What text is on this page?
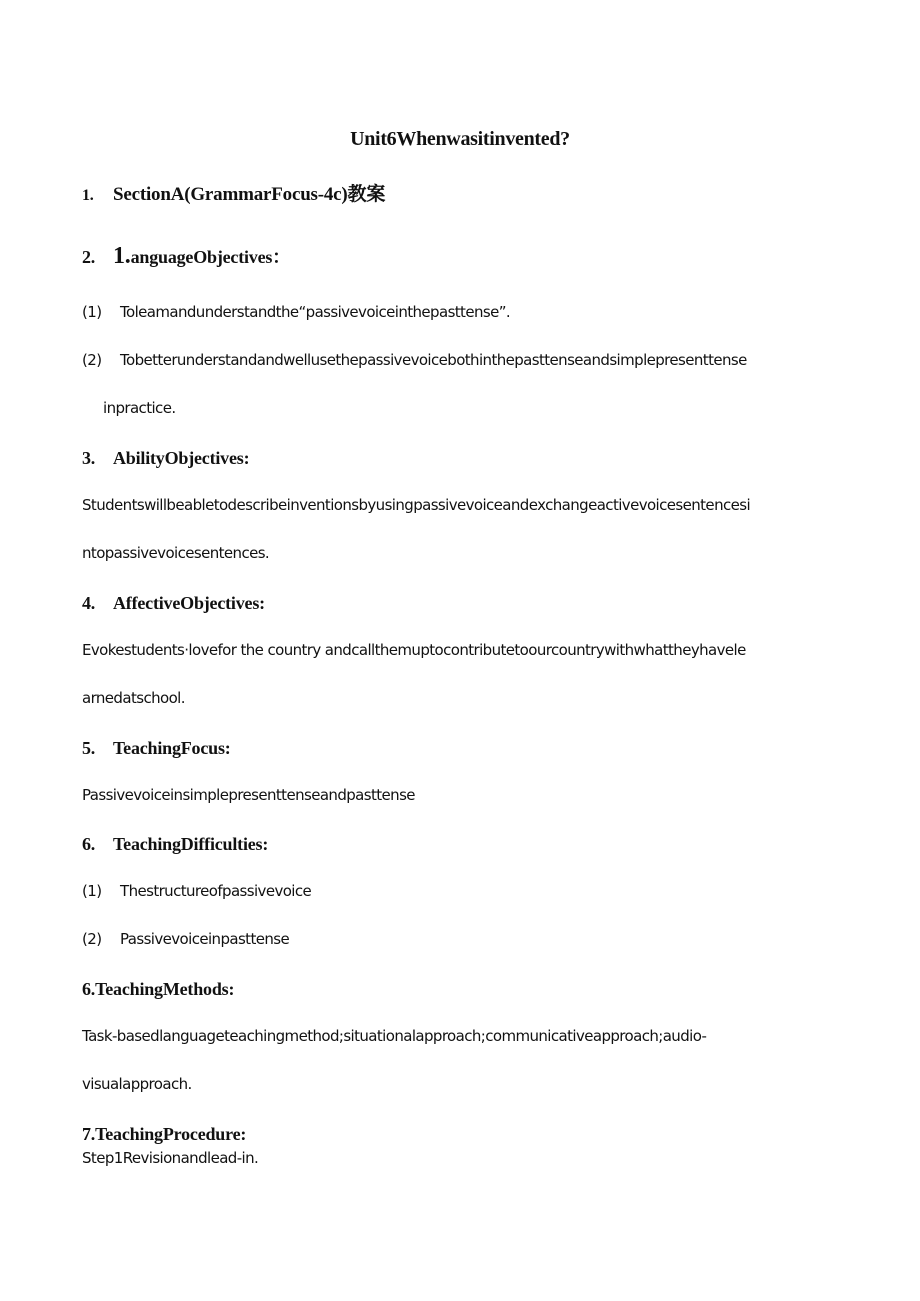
Unit6Whenwasitinvented?
1. SectionA(GrammarFocus-4c)教案
2. 1.anguageObjectives：
(1) Toleamandunderstandthe“passivevoiceinthepasttense”.
(2) Tobetterunderstandandwellusethepassivevoicebothinthepasttenseandsimplepresenttense
inpractice.
3. AbilityObjectives:
Studentswillbeabletodescribeinventionsbyusingpassivevoiceandexchangeactivevoicesentencesi
ntopassivevoicesentences.
4. AffectiveObjectives:
Evokestudents·lovefor the country andcallthemuptocontributetoourcountrywithwhattheyhavele
arnedatschool.
5. TeachingFocus:
Passivevoiceinsimplepresenttenseandpasttense
6. TeachingDifficulties:
(1) Thestructureofpassivevoice
(2) Passivevoiceinpasttense
6.TeachingMethods:
Task-basedlanguageteachingmethod;situationalapproach;communicativeapproach;audio-
visualapproach.
7.TeachingProcedure:
Step1Revisionandlead-in.
